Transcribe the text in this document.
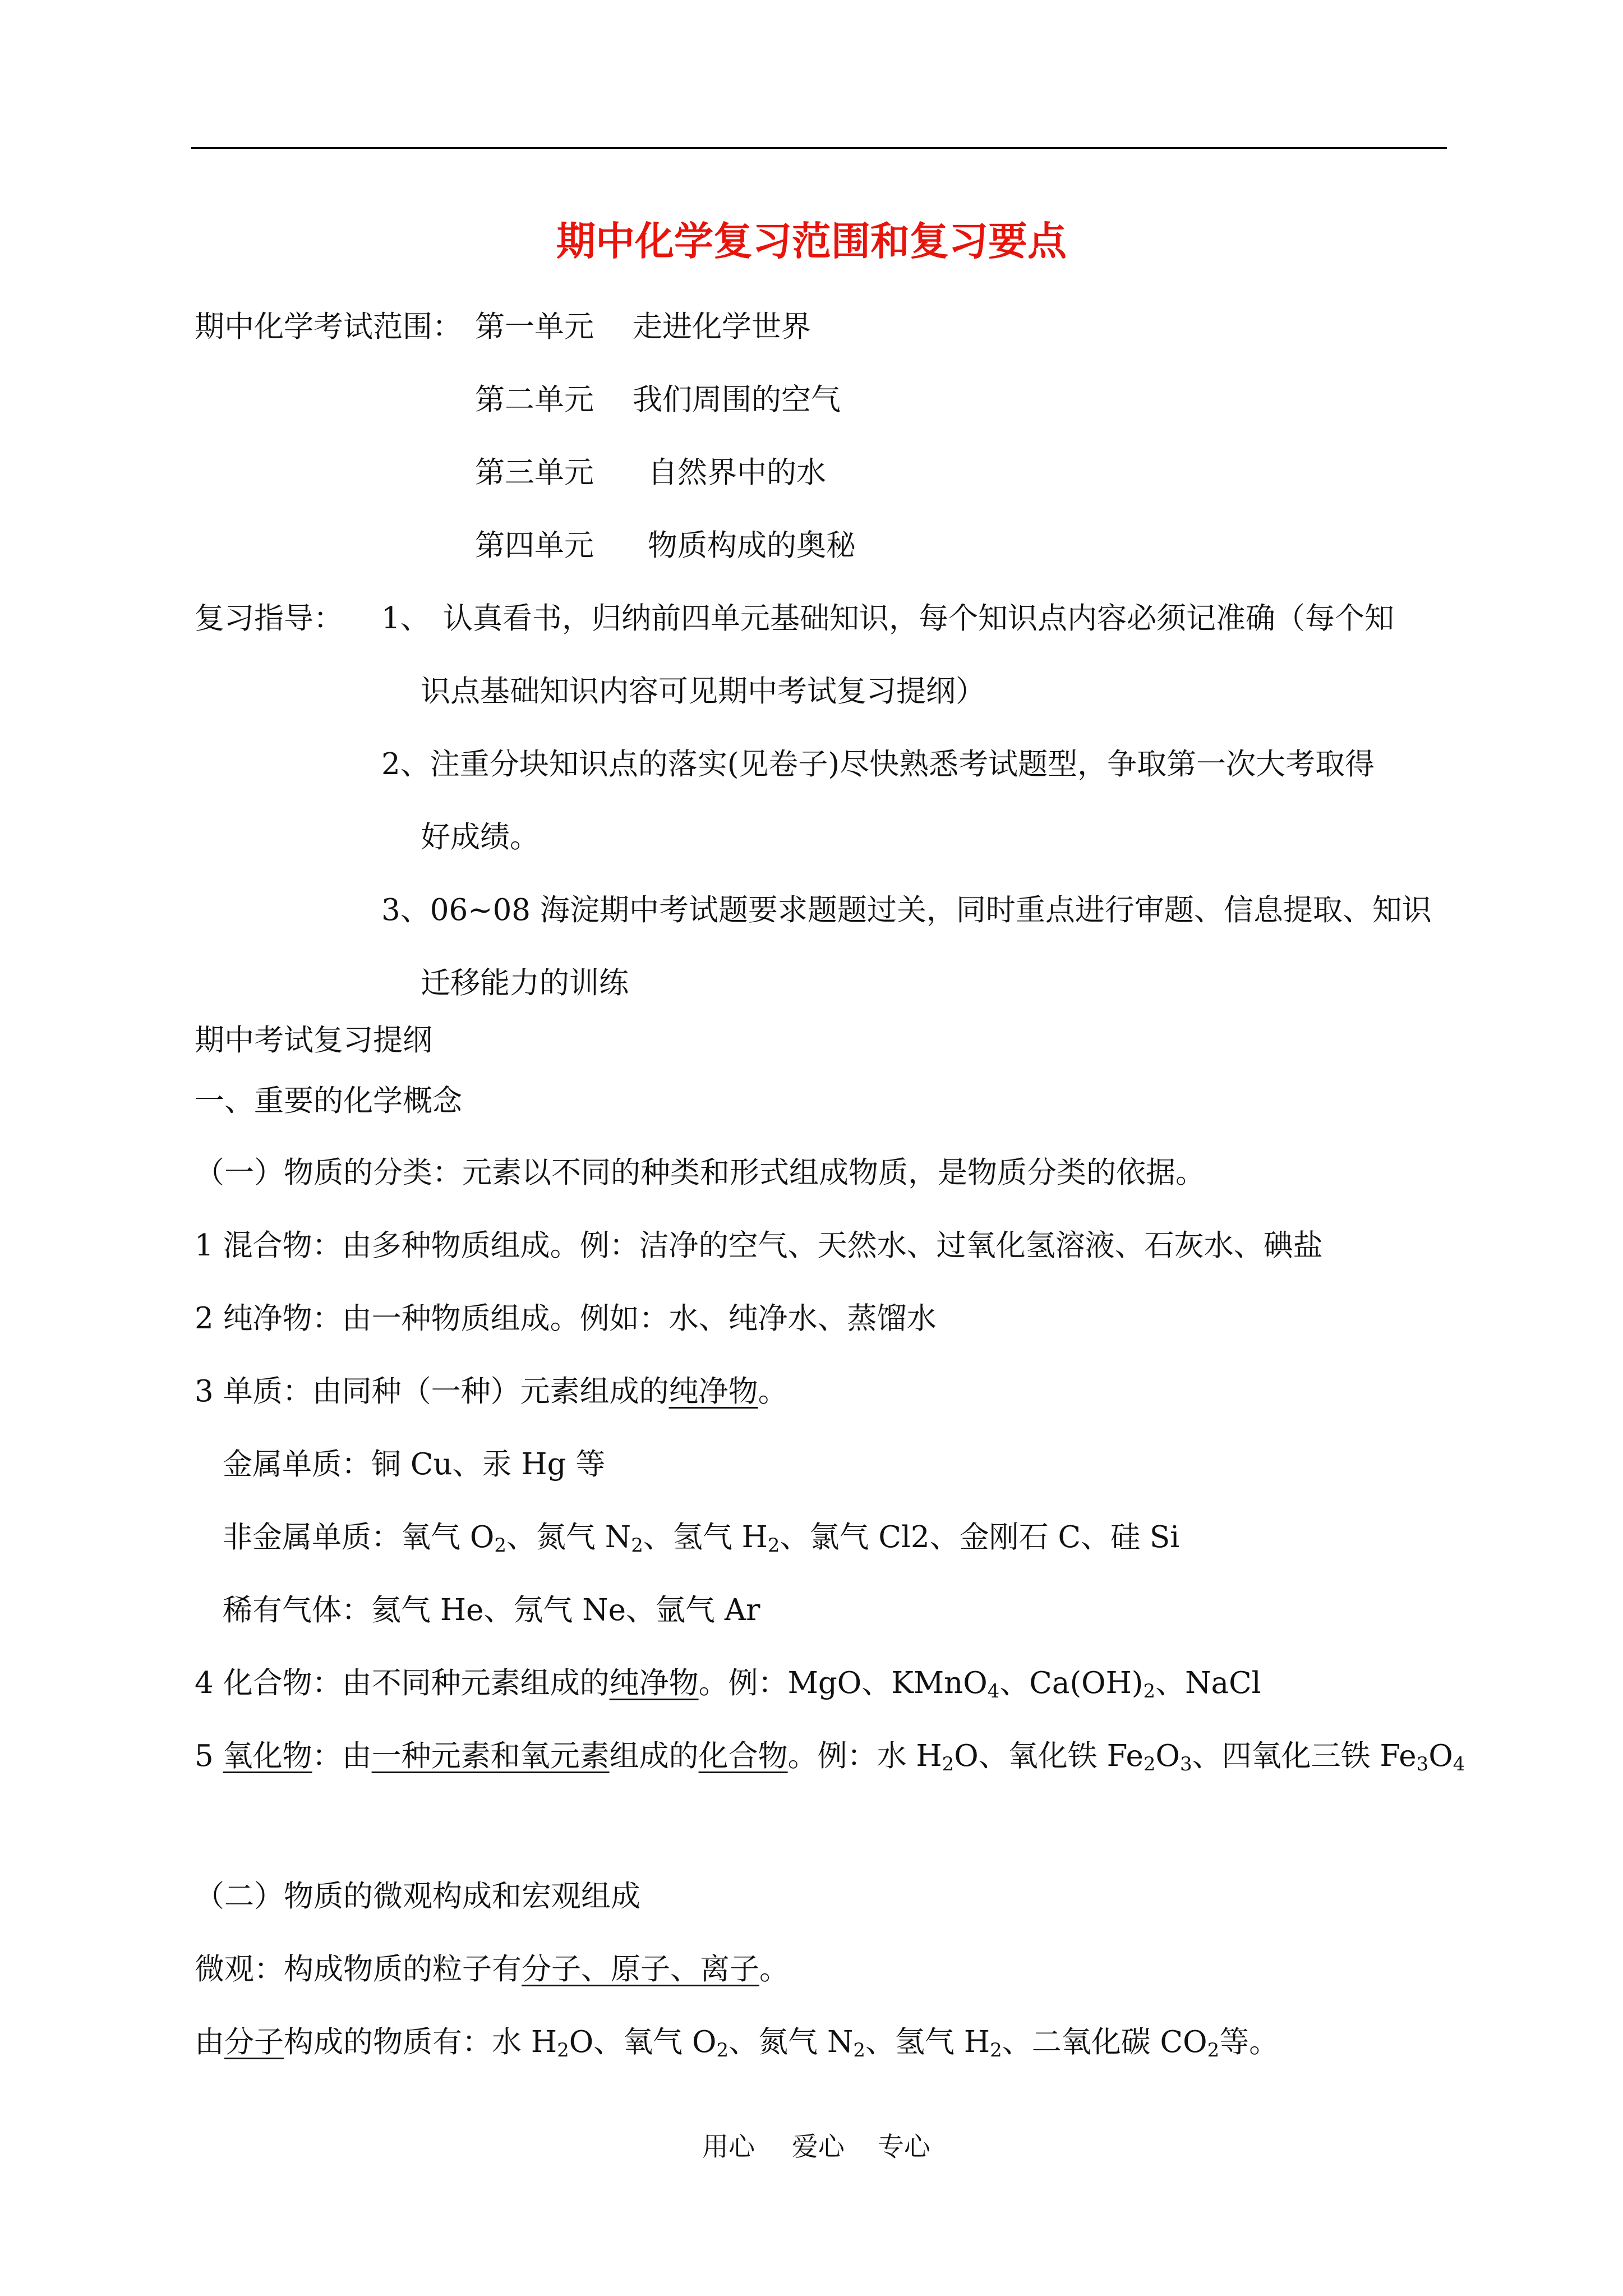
期中化学复习范围和复习要点
期中化学考试范围： 第一单元 走进化学世界
第二单元 我们周围的空气
第三单元 自然界中的水
第四单元 物质构成的奥秘
复习指导： 1、 认真看书，归纳前四单元基础知识，每个知识点内容必须记准确（每个知
识点基础知识内容可见期中考试复习提纲）
2、注重分块知识点的落实(见卷子)尽快熟悉考试题型，争取第一次大考取得
好成绩。
3、06~08 海淀期中考试题要求题题过关，同时重点进行审题、信息提取、知识
迁移能力的训练
期中考试复习提纲
一、重要的化学概念
（一）物质的分类：元素以不同的种类和形式组成物质，是物质分类的依据。
1 混合物：由多种物质组成。例：洁净的空气、天然水、过氧化氢溶液、石灰水、碘盐
2 纯净物：由一种物质组成。例如：水、纯净水、蒸馏水
3 单质：由同种（一种）元素组成的纯净物。
金属单质：铜 Cu、汞 Hg 等
非金属单质：氧气 $O_2$、氮气 $N_2$、氢气 $H_2$、氯气 Cl2、金刚石 C、硅 Si
稀有气体：氦气 He、氖气 Ne、氩气 Ar
4 化合物：由不同种元素组成的纯净物。例：MgO、KMnO$_4$、$Ca(OH)_2$、NaCl
5 氧化物：由一种元素和氧元素组成的化合物。例：水 $H_2O$、氧化铁 $Fe_2O_3$、四氧化三铁 $Fe_3O_4$
（二）物质的微观构成和宏观组成
微观：构成物质的粒子有分子、原子、离子。
由分子构成的物质有：水 $H_2O$、氧气 $O_2$、氮气 $N_2$、氢气 $H_2$、二氧化碳 $CO_2$等。
用心 爱心 专心
